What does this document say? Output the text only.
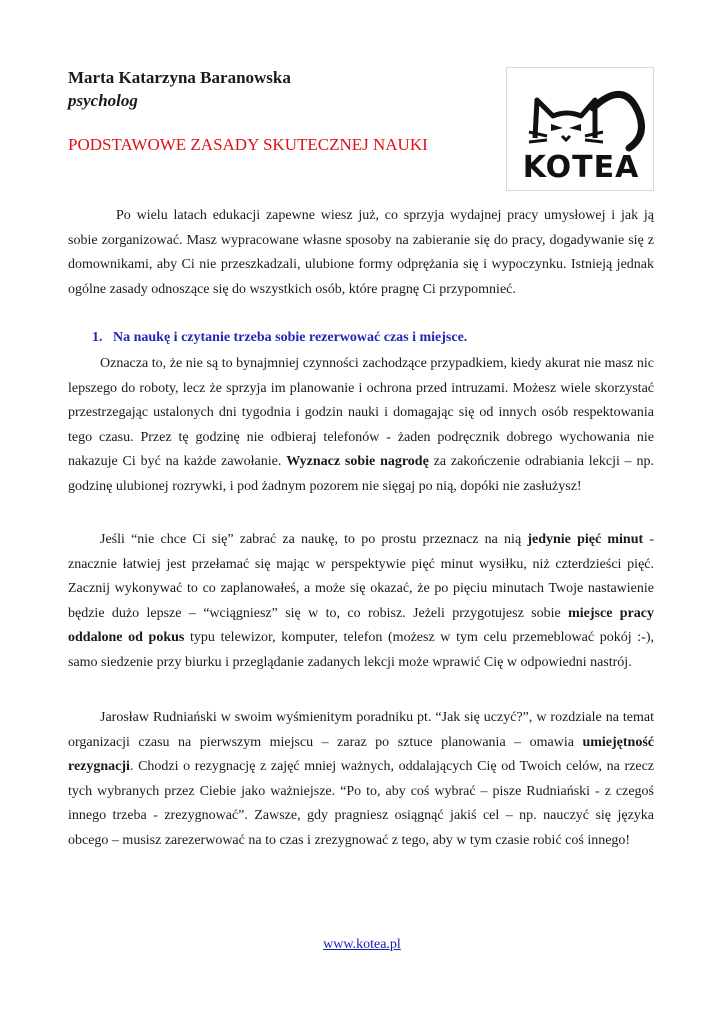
Marta Katarzyna Baranowska
psycholog
PODSTAWOWE ZASADY SKUTECZNEJ NAUKI
KOTEA

Po wielu latach edukacji zapewne wiesz już, co sprzyja wydajnej pracy umysłowej i jak ją sobie zorganizować. Masz wypracowane własne sposoby na zabieranie się do pracy, dogadywanie się z domownikami, aby Ci nie przeszkadzali, ulubione formy odprężania się i wypoczynku. Istnieją jednak ogólne zasady odnoszące się do wszystkich osób, które pragnę Ci przypomnieć.

1. Na naukę i czytanie trzeba sobie rezerwować czas i miejsce.

Oznacza to, że nie są to bynajmniej czynności zachodzące przypadkiem, kiedy akurat nie masz nic lepszego do roboty, lecz że sprzyja im planowanie i ochrona przed intruzami. Możesz wiele skorzystać przestrzegając ustalonych dni tygodnia i godzin nauki i domagając się od innych osób respektowania tego czasu. Przez tę godzinę nie odbieraj telefonów - żaden podręcznik dobrego wychowania nie nakazuje Ci być na każde zawołanie. Wyznacz sobie nagrodę za zakończenie odrabiania lekcji – np. godzinę ulubionej rozrywki, i pod żadnym pozorem nie sięgaj po nią, dopóki nie zasłużysz!

Jeśli “nie chce Ci się” zabrać za naukę, to po prostu przeznacz na nią jedynie pięć minut - znacznie łatwiej jest przełamać się mając w perspektywie pięć minut wysiłku, niż czterdzieści pięć. Zacznij wykonywać to co zaplanowałeś, a może się okazać, że po pięciu minutach Twoje nastawienie będzie dużo lepsze – “wciągniesz” się w to, co robisz. Jeżeli przygotujesz sobie miejsce pracy oddalone od pokus typu telewizor, komputer, telefon (możesz w tym celu przemeblować pokój :-), samo siedzenie przy biurku i przeglądanie zadanych lekcji może wprawić Cię w odpowiedni nastrój.

Jarosław Rudniański w swoim wyśmienitym poradniku pt. “Jak się uczyć?”, w rozdziale na temat organizacji czasu na pierwszym miejscu – zaraz po sztuce planowania – omawia umiejętność rezygnacji. Chodzi o rezygnację z zajęć mniej ważnych, oddalających Cię od Twoich celów, na rzecz tych wybranych przez Ciebie jako ważniejsze. “Po to, aby coś wybrać – pisze Rudniański - z czegoś innego trzeba - zrezygnować”. Zawsze, gdy pragniesz osiągnąć jakiś cel – np. nauczyć się języka obcego – musisz zarezerwować na to czas i zrezygnować z tego, aby w tym czasie robić coś innego!

www.kotea.pl
